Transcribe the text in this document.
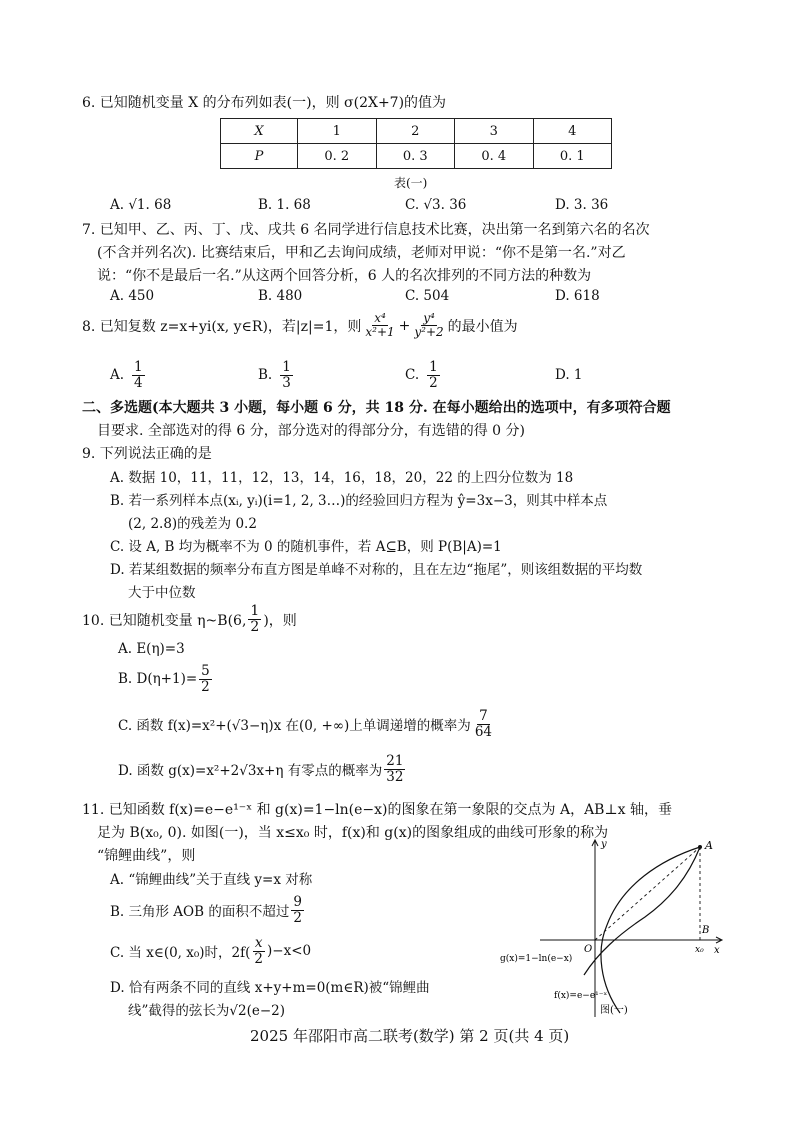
6. 已知随机变量 X 的分布列如表(一)，则 σ(2X+7)的值为
X	1	2	3	4
P	0. 2	0. 3	0. 4	0. 1
表(一)
A. √1. 68	B. 1. 68	C. √3. 36	D. 3. 36
7. 已知甲、乙、丙、丁、戊、戌共 6 名同学进行信息技术比赛，决出第一名到第六名的名次
(不含并列名次). 比赛结束后，甲和乙去询问成绩，老师对甲说：“你不是第一名.”对乙
说：“你不是最后一名.”从这两个回答分析，6 人的名次排列的不同方法的种数为
A. 450	B. 480	C. 504	D. 618
8. 已知复数 z=x+yi(x, y∈R)，若|z|=1，则 $\frac{\text{x⁴}}{\text{x²+1}} + \frac{\text{y⁴}}{\text{y²+2}}$ 的最小值为
A. $\frac{1}{4}$	B. $\frac{1}{3}$	C. $\frac{1}{2}$	D. 1
二、多选题(本大题共 3 小题，每小题 6 分，共 18 分. 在每小题给出的选项中，有多项符合题
目要求. 全部选对的得 6 分，部分选对的得部分分，有选错的得 0 分)
9. 下列说法正确的是
A. 数据 10，11，11，12，13，14，16，18，20，22 的上四分位数为 18
B. 若一系列样本点(xᵢ, yᵢ)(i=1, 2, 3…)的经验回归方程为 ŷ=3x−3，则其中样本点
(2, 2.8)的残差为 0.2
C. 设 A, B 均为概率不为 0 的随机事件，若 A⊆B，则 P(B|A)=1
D. 若某组数据的频率分布直方图是单峰不对称的，且在左边“拖尾”，则该组数据的平均数
大于中位数
10. 已知随机变量 η~B(6, $\frac{1}{2}$ )，则
A. E(η)=3
B. $D(\eta+1)= \frac{5}{2}$
C. 函数 f(x)=x²+(√3−η)x 在(0, +∞)上单调递增的概率为 $\frac{7}{64}$
D. 函数 g(x)=x²+2√3x+η 有零点的概率为 $\frac{21}{32}$
11. 已知函数 f(x)=e−e¹⁻ˣ 和 g(x)=1−ln(e−x)的图象在第一象限的交点为 A，AB⊥x 轴，垂
足为 B(x₀, 0). 如图(一)，当 x≤x₀ 时，f(x)和 g(x)的图象组成的曲线可形象的称为
“锦鲤曲线”，则
A. “锦鲤曲线”关于直线 y=x 对称
B. 三角形 AOB 的面积不超过 $\frac{9}{2}$
C. 当 x∈(0, x₀)时，$2f( \frac{x}{2} )-x<0$
D. 恰有两条不同的直线 x+y+m=0(m∈R)被“锦鲤曲
线”截得的弦长为√2(e−2)
y
x
A
B
O	x₀
g(x)=1−ln(e−x)
f(x)=e−e¹⁻ˣ
图(一)
2025 年邵阳市高二联考(数学) 第 2 页(共 4 页)
